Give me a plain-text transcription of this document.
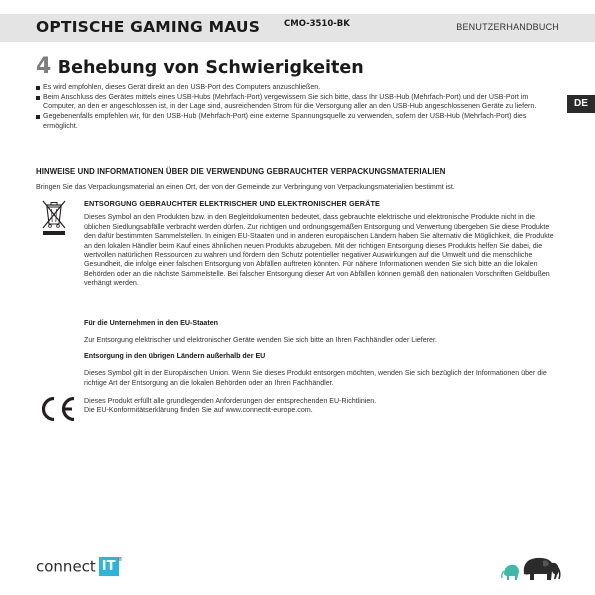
OPTISCHE GAMING MAUS	CMO-3510-BK	BENUTZERHANDBUCH
4 Behebung von Schwierigkeiten
Es wird empfohlen, dieses Gerät direkt an den USB-Port des Computers anzuschließen.
Beim Anschluss des Gerätes mittels eines USB-Hubs (Mehrfach-Port) vergewissern Sie sich bitte, dass Ihr USB-Hub (Mehrfach-Port) und der USB-Port im Computer, an den er angeschlossen ist, in der Lage sind, ausreichenden Strom für die Versorgung aller an den USB-Hub angeschlossenen Geräte zu liefern.
Gegebenenfalls empfehlen wir, für den USB-Hub (Mehrfach-Port) eine externe Spannungsquelle zu verwenden, sofern der USB-Hub (Mehrfach-Port) dies ermöglicht.
DE
HINWEISE UND INFORMATIONEN ÜBER DIE VERWENDUNG GEBRAUCHTER VERPACKUNGSMATERIALIEN
Bringen Sie das Verpackungsmaterial an einen Ort, der von der Gemeinde zur Verbringung von Verpackungsmaterialien bestimmt ist.

ENTSORGUNG GEBRAUCHTER ELEKTRISCHER UND ELEKTRONISCHER GERÄTE

Dieses Symbol an den Produkten bzw. in den Begleitdokumenten bedeutet, dass gebrauchte elektrische und elektronische Produkte nicht in die üblichen Siedlungsabfälle verbracht werden dürfen. Zur richtigen und ordnungsgemäßen Entsorgung und Verwertung übergeben Sie diese Produkte den dafür bestimmten Sammelstellen. In einigen EU-Staaten und in anderen europäischen Ländern haben Sie alternativ die Möglichkeit, die Produkte an den lokalen Händler beim Kauf eines ähnlichen neuen Produkts abzugeben. Mit der richtigen Entsorgung dieses Produkts helfen Sie dabei, die wertvollen natürlichen Ressourcen zu wahren und fördern den Schutz potentieller negativer Auswirkungen auf die Umwelt und die menschliche Gesundheit, die infolge einer falschen Entsorgung von Abfällen auftreten könnten. Für nähere Informationen wenden Sie sich bitte an die lokalen Behörden oder an die nächste Sammelstelle. Bei falscher Entsorgung dieser Art von Abfällen können gemäß den nationalen Vorschriften Geldbußen verhängt werden.

Für die Unternehmen in den EU-Staaten

Zur Entsorgung elektrischer und elektronischer Geräte wenden Sie sich bitte an Ihren Fachhändler oder Lieferer.

Entsorgung in den übrigen Ländern außerhalb der EU

Dieses Symbol gilt in der Europäischen Union. Wenn Sie dieses Produkt entsorgen möchten, wenden Sie sich bezüglich der Informationen über die richtige Art der Entsorgung an die lokalen Behörden oder an Ihren Fachhändler.

Dieses Produkt erfüllt alle grundlegenden Anforderungen der entsprechenden EU-Richtlinien.

Die EU-Konformitätserklärung finden Sie auf www.connectit-europe.com.

connect IT ®
